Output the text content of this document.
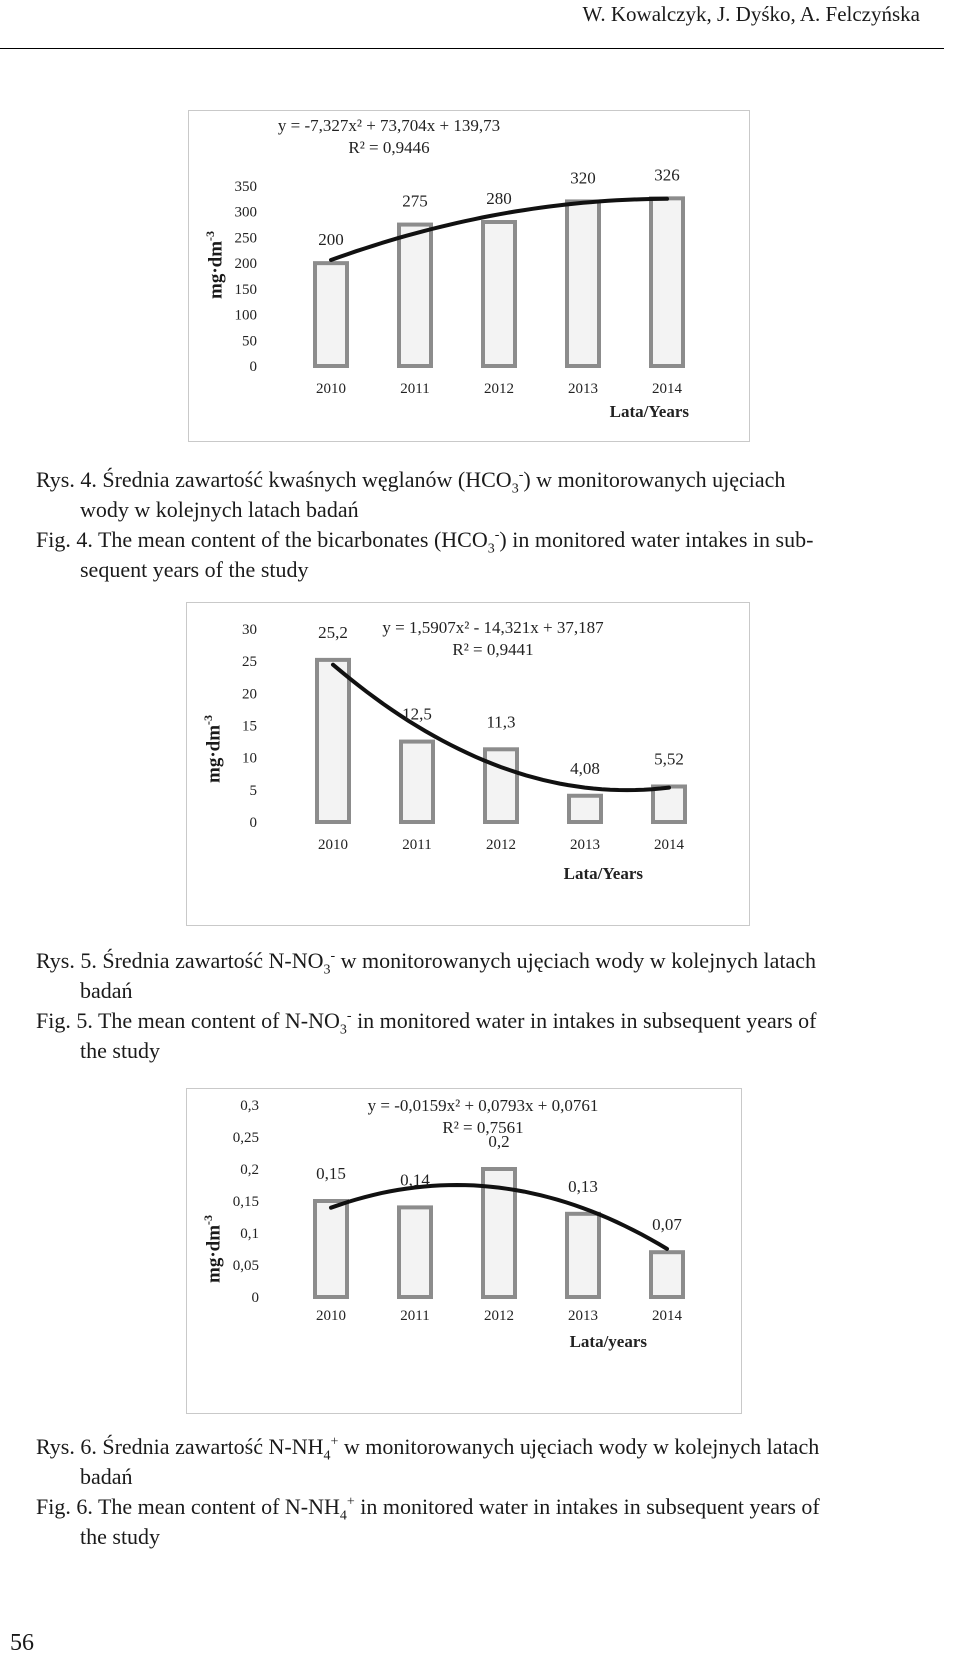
W. Kowalczyk, J. Dyśko, A. Felczyńska
$mg\cdot dm^{-3}$
0
50
100
150
200
250
300
350
200
275	280
320	326
2010	2011	2012	2013	2014
Lata/Years
y = -7,327x² + 73,704x + 139,73
R² = 0,9446
Rys. 4. Średnia zawartość kwaśnych węglanów $(HCO_3^-)$ w monitorowanych ujęciach
wody w kolejnych latach badań
Fig. 4. The mean content of the bicarbonates $(HCO_3^-)$ in monitored water intakes in sub-
sequent years of the study
$mg\cdot dm^{-3}$
0
5
10
15
20
25
30	25,2
12,5	11,3
4,08	5,52
2010	2011	2012	2013	2014
Lata/Years
y = 1,5907x² - 14,321x + 37,187
R² = 0,9441
Rys. 5. Średnia zawartość $N-NO_3^-$ w monitorowanych ujęciach wody w kolejnych latach
badań
Fig. 5. The mean content of $N-NO_3^-$ in monitored water in intakes in subsequent years of
the study
$mg\cdot dm^{-3}$
0
0,05
0,1
0,15
0,2
0,25
0,3
0,15	0,14
0,2
0,13
0,07
2010	2011	2012	2013	2014
Lata/years
y = -0,0159x² + 0,0793x + 0,0761
R² = 0,7561
Rys. 6. Średnia zawartość $N-NH_4^+$ w monitorowanych ujęciach wody w kolejnych latach
badań
Fig. 6. The mean content of $N-NH_4^+$ in monitored water in intakes in subsequent years of
the study
56
